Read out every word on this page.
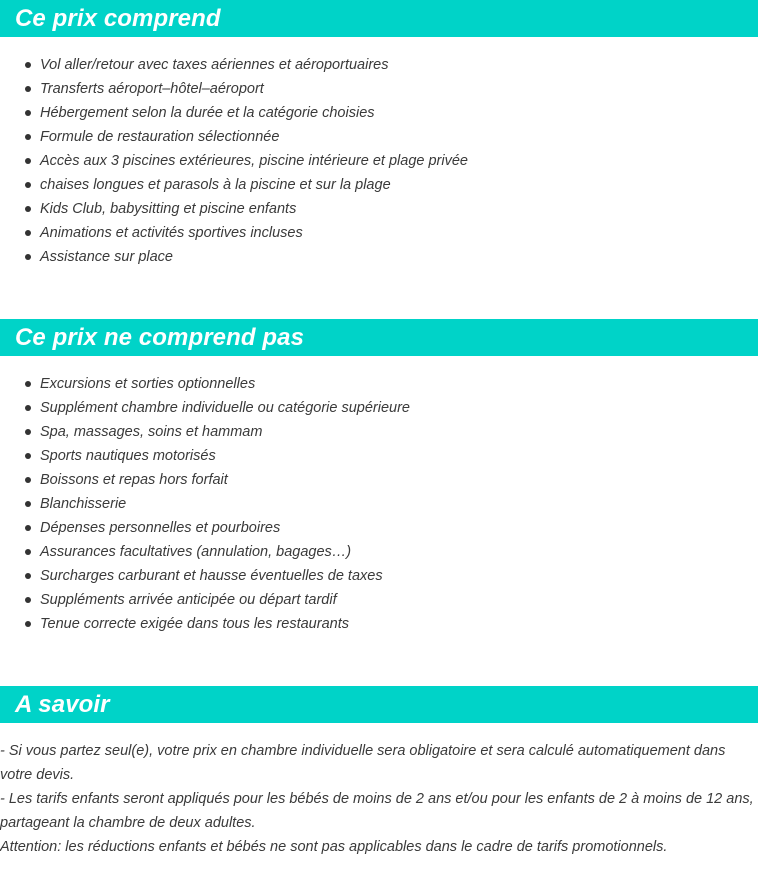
Ce prix comprend
Vol aller/retour avec taxes aériennes et aéroportuaires
Transferts aéroport–hôtel–aéroport
Hébergement selon la durée et la catégorie choisies
Formule de restauration sélectionnée
Accès aux 3 piscines extérieures, piscine intérieure et plage privée
chaises longues et parasols à la piscine et sur la plage
Kids Club, babysitting et piscine enfants
Animations et activités sportives incluses
Assistance sur place
Ce prix ne comprend pas
Excursions et sorties optionnelles
Supplément chambre individuelle ou catégorie supérieure
Spa, massages, soins et hammam
Sports nautiques motorisés
Boissons et repas hors forfait
Blanchisserie
Dépenses personnelles et pourboires
Assurances facultatives (annulation, bagages…)
Surcharges carburant et hausse éventuelles de taxes
Suppléments arrivée anticipée ou départ tardif
Tenue correcte exigée dans tous les restaurants
A savoir

- Si vous partez seul(e), votre prix en chambre individuelle sera obligatoire et sera calculé automatiquement dans votre devis.

- Les tarifs enfants seront appliqués pour les bébés de moins de 2 ans et/ou pour les enfants de 2 à moins de 12 ans, partageant la chambre de deux adultes.

Attention: les réductions enfants et bébés ne sont pas applicables dans le cadre de tarifs promotionnels.
